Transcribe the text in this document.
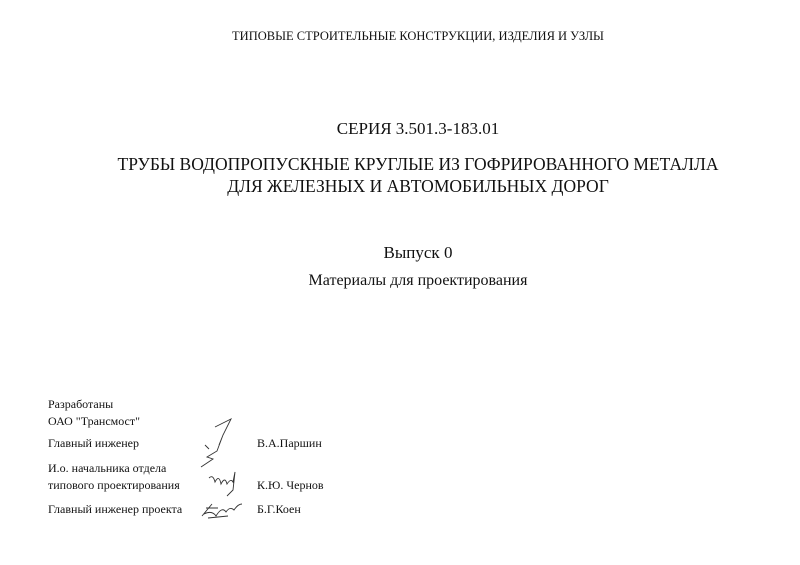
ТИПОВЫЕ СТРОИТЕЛЬНЫЕ КОНСТРУКЦИИ, ИЗДЕЛИЯ И УЗЛЫ
СЕРИЯ 3.501.3-183.01
ТРУБЫ ВОДОПРОПУСКНЫЕ КРУГЛЫЕ ИЗ ГОФРИРОВАННОГО МЕТАЛЛА
ДЛЯ ЖЕЛЕЗНЫХ И АВТОМОБИЛЬНЫХ ДОРОГ
Выпуск 0
Материалы для проектирования
Разработаны
ОАО "Трансмост"
Главный инженер	В.А.Паршин
И.о. начальника отдела
типового проектирования	К.Ю. Чернов
Главный инженер проекта	Б.Г.Коен
